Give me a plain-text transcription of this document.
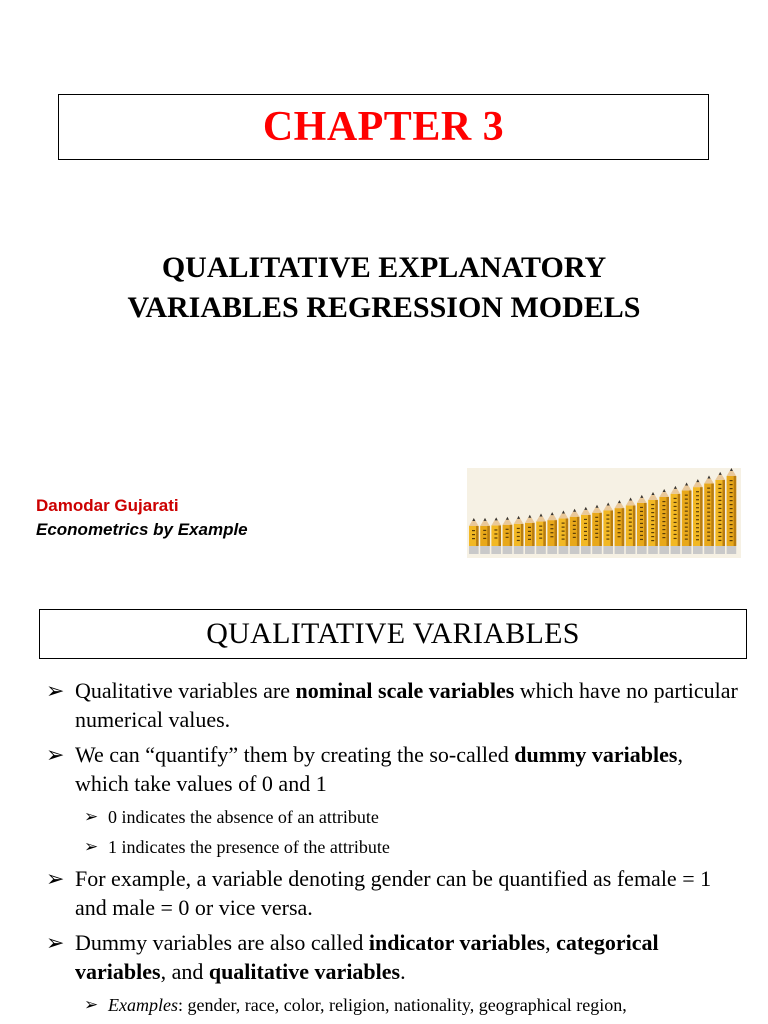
CHAPTER 3
QUALITATIVE EXPLANATORY
VARIABLES REGRESSION MODELS
Damodar Gujarati
Econometrics by Example
QUALITATIVE VARIABLES
➢ Qualitative variables are nominal scale variables which have no particular numerical values.
➢ We can “quantify” them by creating the so-called dummy variables, which take values of 0 and 1
➢ 0 indicates the absence of an attribute
➢ 1 indicates the presence of the attribute
➢ For example, a variable denoting gender can be quantified as female = 1 and male = 0 or vice versa.
➢ Dummy variables are also called indicator variables, categorical variables, and qualitative variables.
➢ Examples: gender, race, color, religion, nationality, geographical region,
